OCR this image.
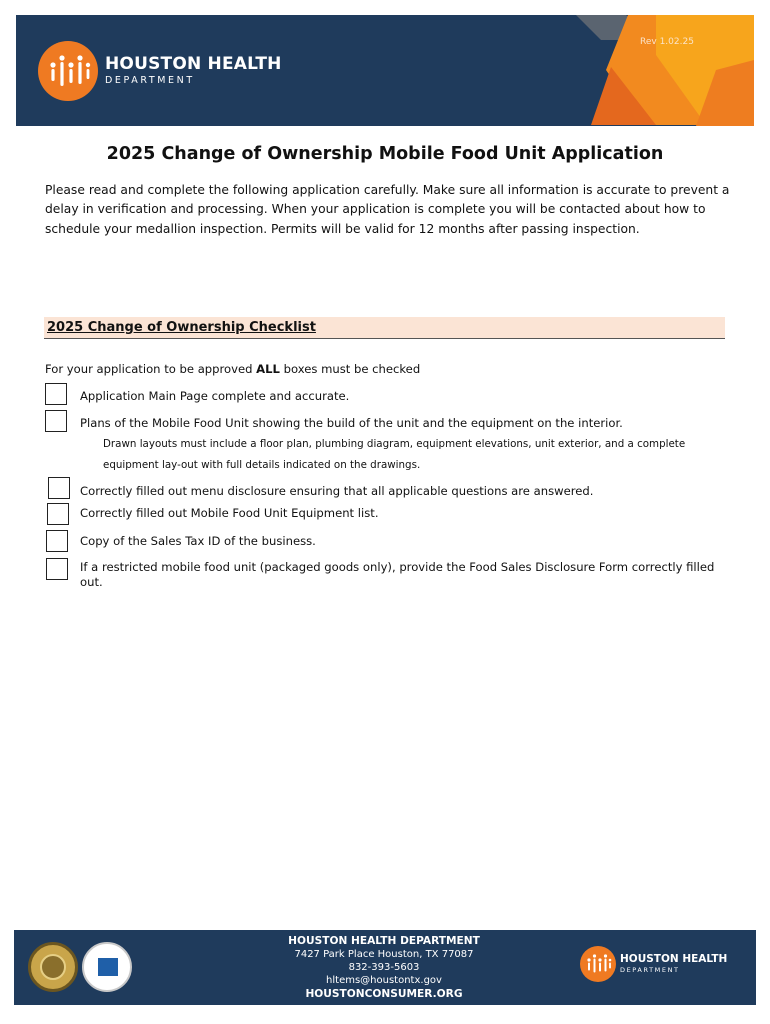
HOUSTON HEALTH
DEPARTMENT
Rev 1.02.25
2025 Change of Ownership Mobile Food Unit Application
Please read and complete the following application carefully. Make sure all information is accurate to prevent a delay in verification and processing. When your application is complete you will be contacted about how to schedule your medallion inspection. Permits will be valid for 12 months after passing inspection.
2025 Change of Ownership Checklist
For your application to be approved ALL boxes must be checked
Application Main Page complete and accurate.
Plans of the Mobile Food Unit showing the build of the unit and the equipment on the interior.
Drawn layouts must include a floor plan, plumbing diagram, equipment elevations, unit exterior, and a complete
equipment lay-out with full details indicated on the drawings.
Correctly filled out menu disclosure ensuring that all applicable questions are answered.
Correctly filled out Mobile Food Unit Equipment list.
Copy of the Sales Tax ID of the business.
If a restricted mobile food unit (packaged goods only), provide the Food Sales Disclosure Form correctly filled out.
HOUSTON HEALTH DEPARTMENT
7427 Park Place Houston, TX 77087
832-393-5603
hltems@houstontx.gov
HOUSTONCONSUMER.ORG
HOUSTON HEALTH
DEPARTMENT
